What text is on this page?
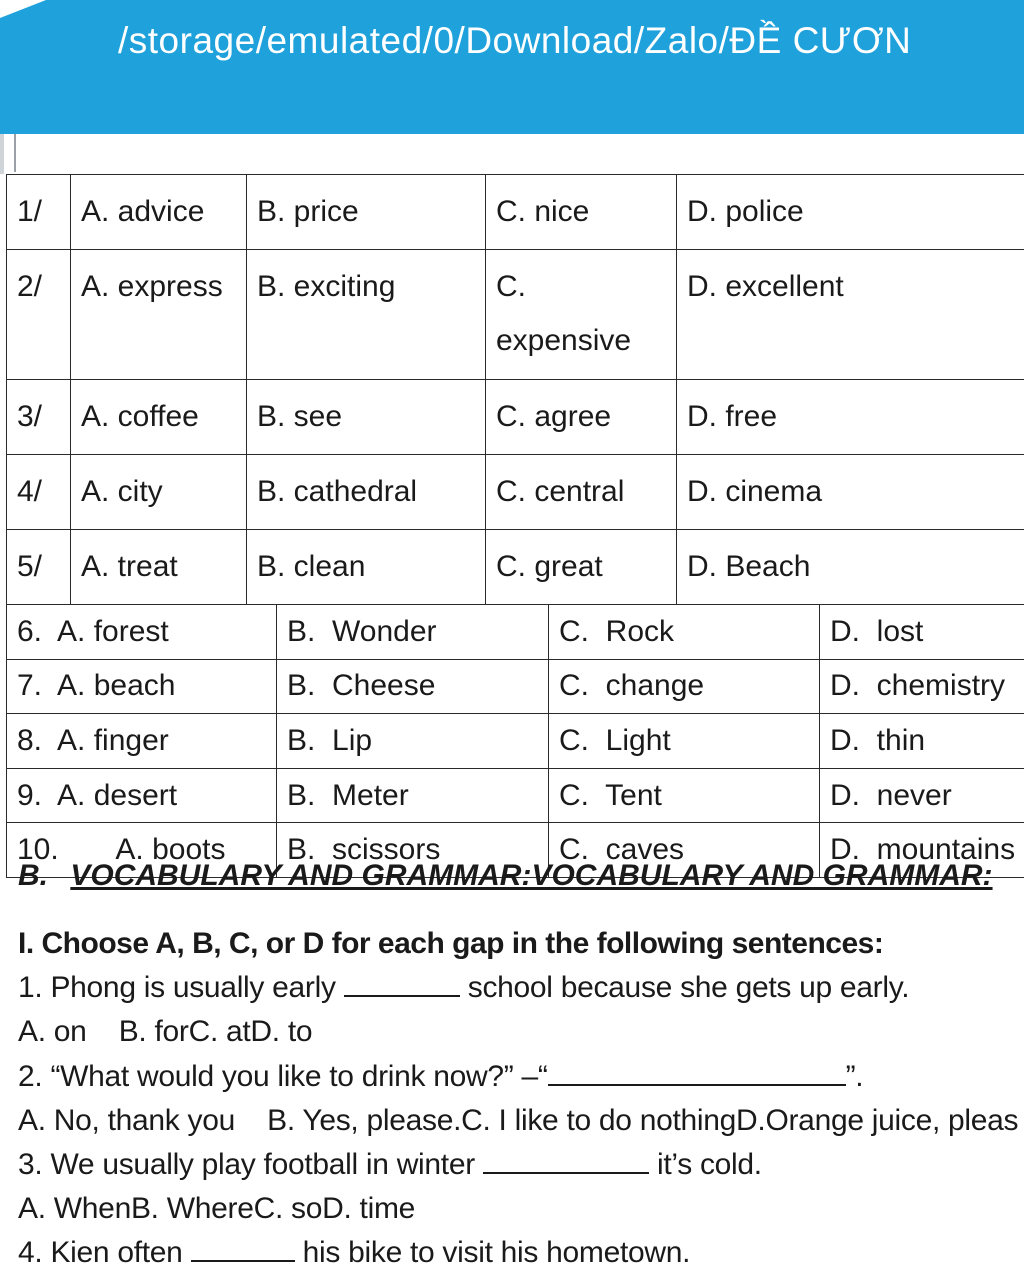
/storage/emulated/0/Download/Zalo/ĐỀ CƯƠN
1/	A. advice	B. price	C. nice	D. police
2/	A. express	B. exciting	C. expensive	D. excellent
3/	A. coffee	B. see	C. agree	D. free
4/	A. city	B. cathedral	C. central	D. cinema
5/	A. treat	B. clean	C. great	D. Beach
6.  A. forest	B.  Wonder	C.  Rock	D.  lost
7.  A. beach	B.  Cheese	C.  change	D.  chemistry
8.  A. finger	B.  Lip	C.  Light	D.  thin
9.  A. desert	B.  Meter	C.  Tent	D.  never
10.       A. boots	B.  scissors	C.  caves	D.  mountains
B. VOCABULARY AND GRAMMAR:VOCABULARY AND GRAMMAR:
I. Choose A, B, C, or D for each gap in the following sentences:
1. Phong is usually early	school because she gets up early.
A. on    B. forC. atD. to
2. “What would you like to drink now?” –“	”.
A. No, thank you    B. Yes, please.C. I like to do nothingD.Orange juice, pleas
3. We usually play football in winter	it’s cold.
A. WhenB. WhereC. soD. time
4. Kien often	his bike to visit his hometown.
